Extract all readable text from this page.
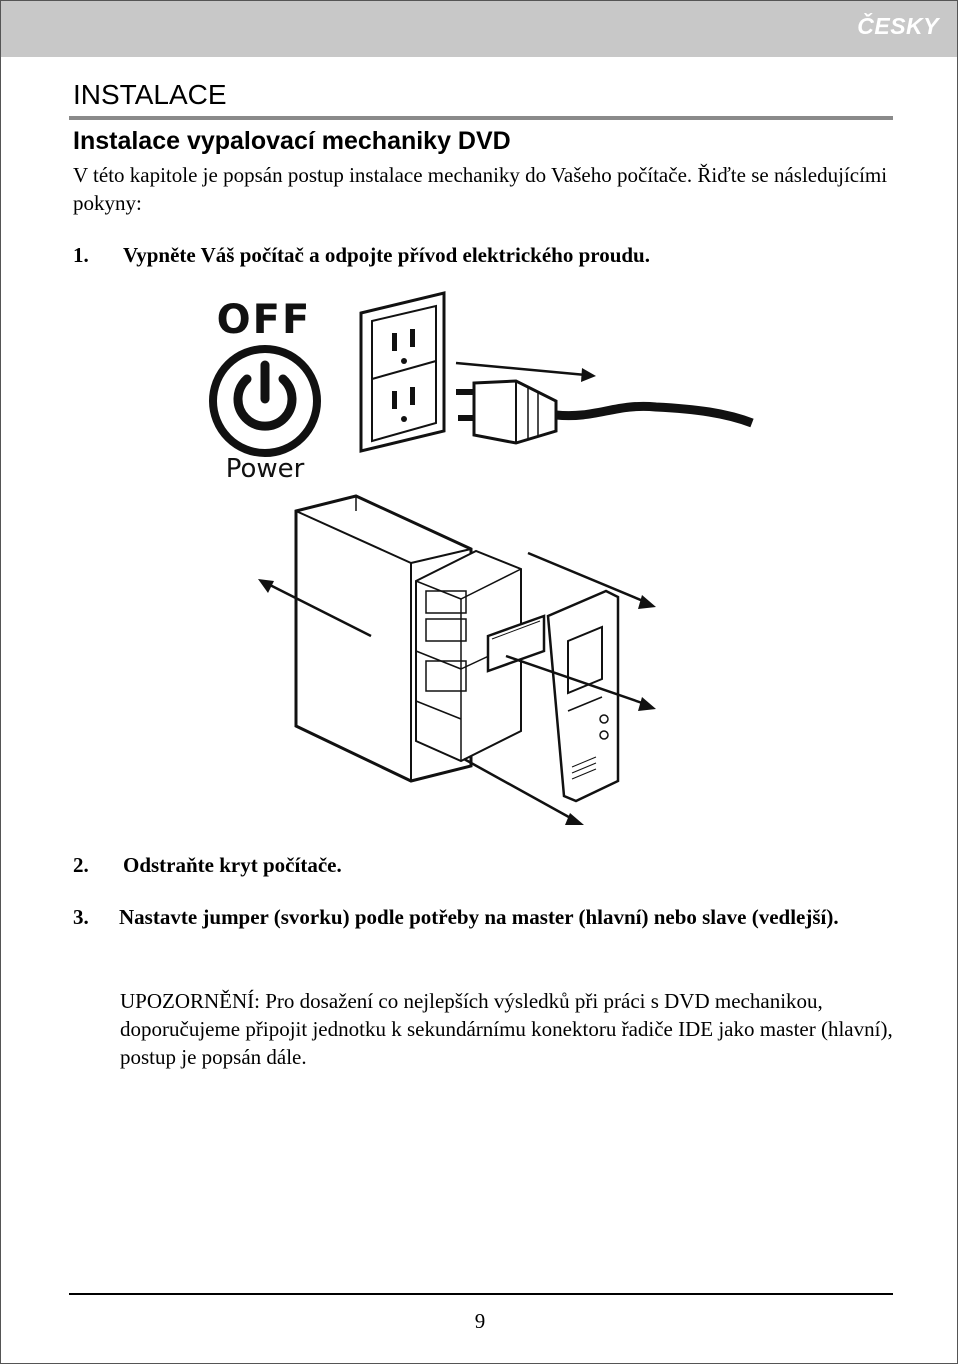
ČESKY
INSTALACE
Instalace vypalovací mechaniky DVD
V této kapitole je popsán postup instalace mechaniky do Vašeho počítače. Řiďte se následujícími pokyny:
1. Vypněte Váš počítač a odpojte přívod elektrického proudu.
OFF
Power
2. Odstraňte kryt počítače.
3. Nastavte jumper (svorku) podle potřeby na master (hlavní) nebo slave (vedlejší).
UPOZORNĚNÍ: Pro dosažení co nejlepších výsledků při práci s DVD mechanikou, doporučujeme připojit jednotku k sekundárnímu konektoru řadiče IDE jako master (hlavní), postup je popsán dále.
9
